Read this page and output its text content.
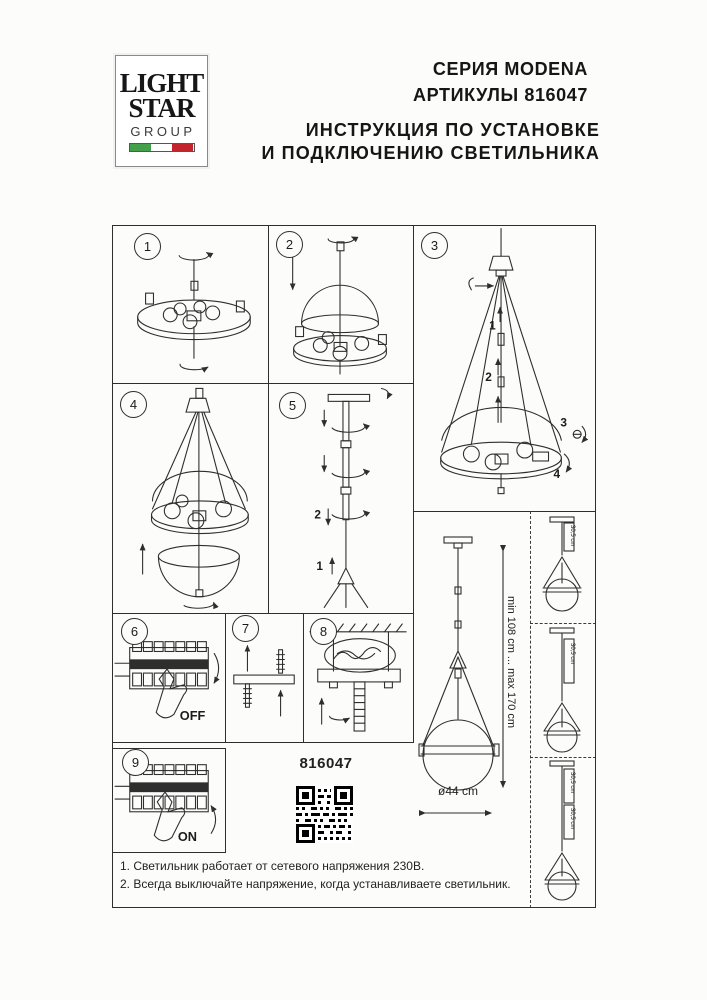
LIGHT
STAR
GROUP
СЕРИЯ MODENA
АРТИКУЛЫ 816047
ИНСТРУКЦИЯ ПО УСТАНОВКЕ
И ПОДКЛЮЧЕНИЮ СВЕТИЛЬНИКА
1	2
1
2
3
4
3
4
2
1
5
OFF
6	7	8
ON
9	816047
min 108 cm ... max 170 cm
ø44 cm
30,5 cm
30,5 cm
30,5 cm
30,5 cm
1. Светильник работает от сетевого напряжения 230В.
2. Всегда выключайте напряжение, когда устанавливаете светильник.
